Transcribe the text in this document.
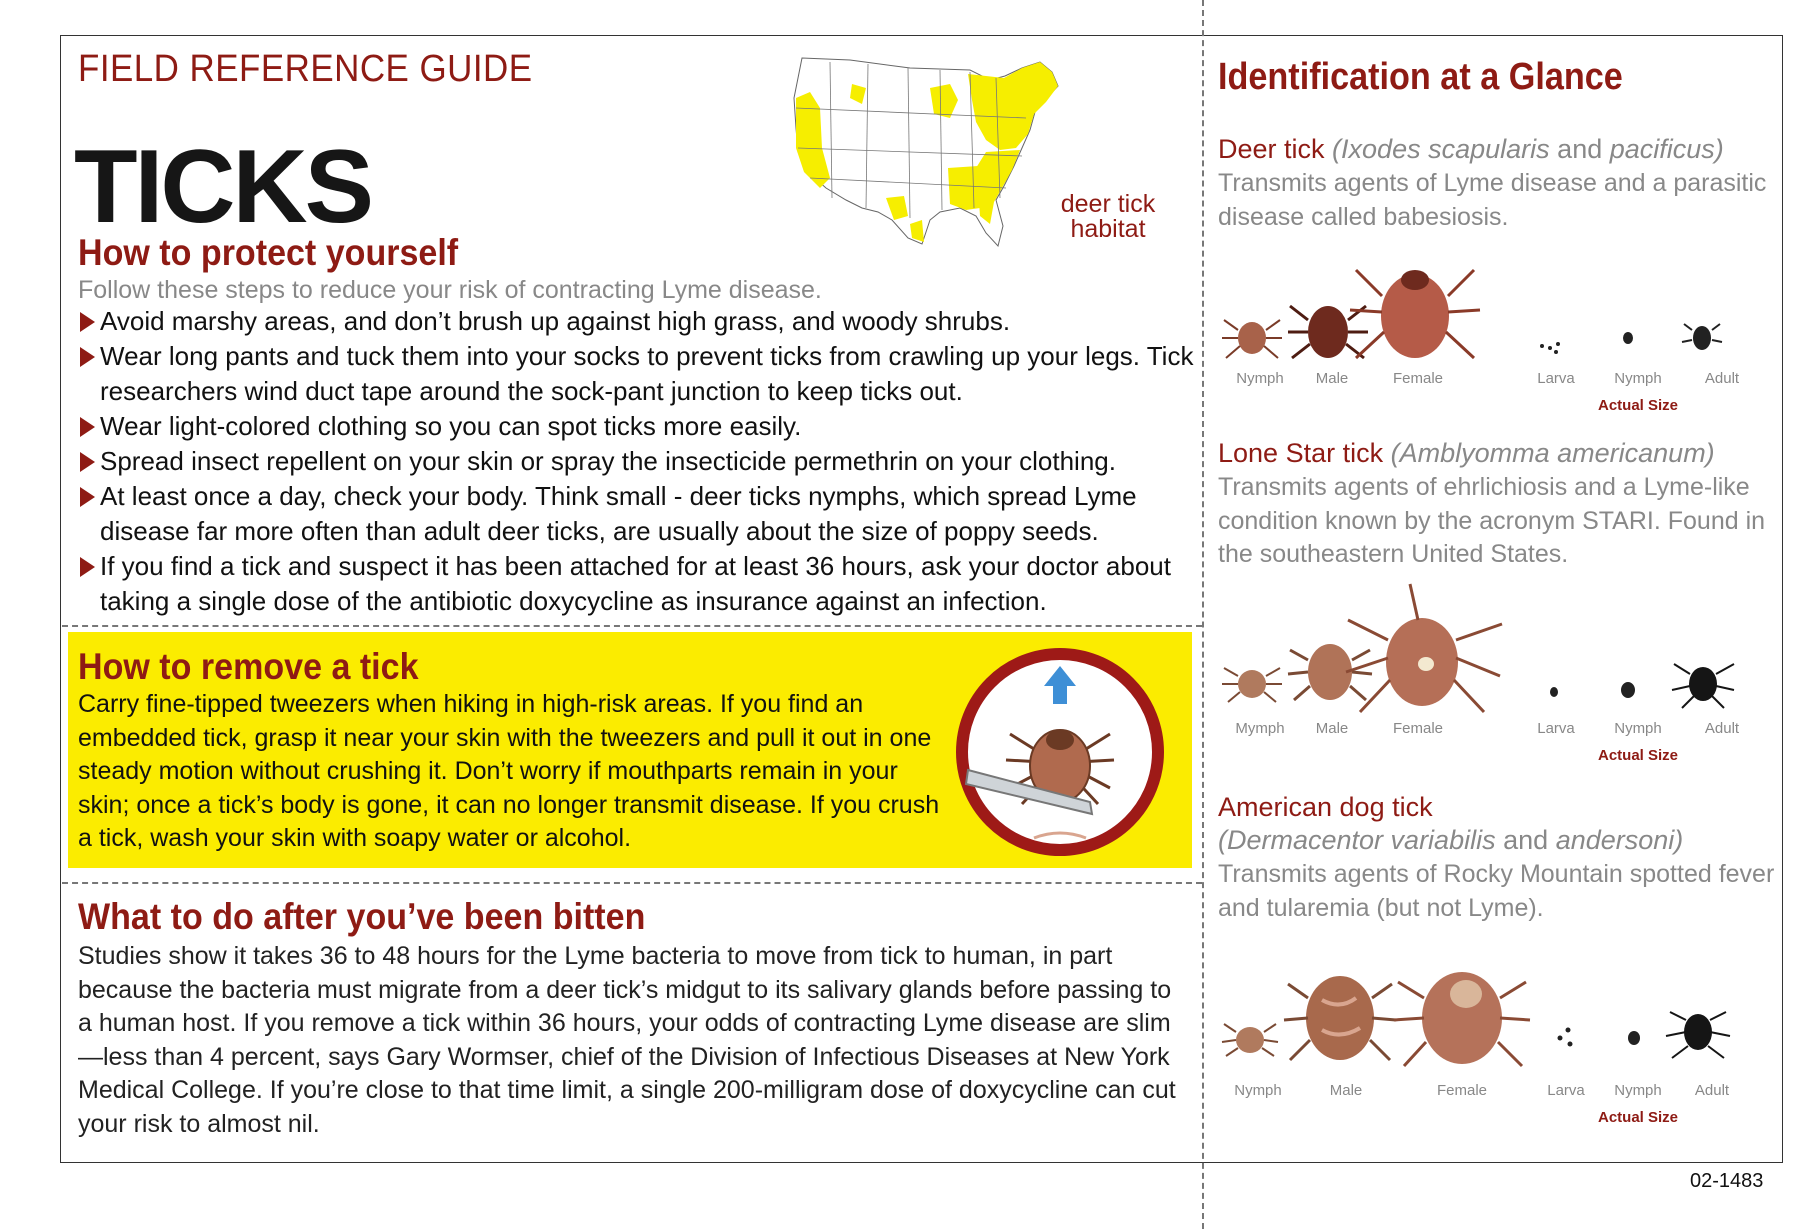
FIELD REFERENCE GUIDE
TICKS	deer tick
habitat
How to protect yourself
Follow these steps to reduce your risk of contracting Lyme disease.
Avoid marshy areas, and don’t brush up against high grass, and woody shrubs.
Wear long pants and tuck them into your socks to prevent ticks from crawling up your legs. Tick researchers wind duct tape around the sock-pant junction to keep ticks out.
Wear light-colored clothing so you can spot ticks more easily.
Spread insect repellent on your skin or spray the insecticide permethrin on your clothing.
At least once a day, check your body. Think small - deer ticks nymphs, which spread Lyme disease far more often than adult deer ticks, are usually about the size of poppy seeds.
If you find a tick and suspect it has been attached for at least 36 hours, ask your doctor about taking a single dose of the antibiotic doxycycline as insurance against an infection.
How to remove a tick
Carry fine-tipped tweezers when hiking in high-risk areas. If you find an embedded tick, grasp it near your skin with the tweezers and pull it out in one steady motion without crushing it. Don’t worry if mouthparts remain in your skin; once a tick’s body is gone, it can no longer transmit disease. If you crush a tick, wash your skin with soapy water or alcohol.
What to do after you’ve been bitten
Studies show it takes 36 to 48 hours for the Lyme bacteria to move from tick to human, in part because the bacteria must migrate from a deer tick’s midgut to its salivary glands before passing to a human host. If you remove a tick within 36 hours, your odds of contracting Lyme disease are slim—less than 4 percent, says Gary Wormser, chief of the Division of Infectious Diseases at New York Medical College. If you’re close to that time limit, a single 200-milligram dose of doxycycline can cut your risk to almost nil.
Identification at a Glance
Deer tick (Ixodes scapularis and pacificus)
Transmits agents of Lyme disease and a parasitic disease called babesiosis.
Nymph	Male	Female	Larva	Nymph	Adult
Actual Size
Lone Star tick (Amblyomma americanum)
Transmits agents of ehrlichiosis and a Lyme-like condition known by the acronym STARI. Found in the southeastern United States.
Mymph	Male	Female	Larva	Nymph	Adult
Actual Size
American dog tick
(Dermacentor variabilis and andersoni)
Transmits agents of Rocky Mountain spotted fever and tularemia (but not Lyme).
Nymph	Male	Female	Larva	Nymph	Adult
Actual Size
02-1483
